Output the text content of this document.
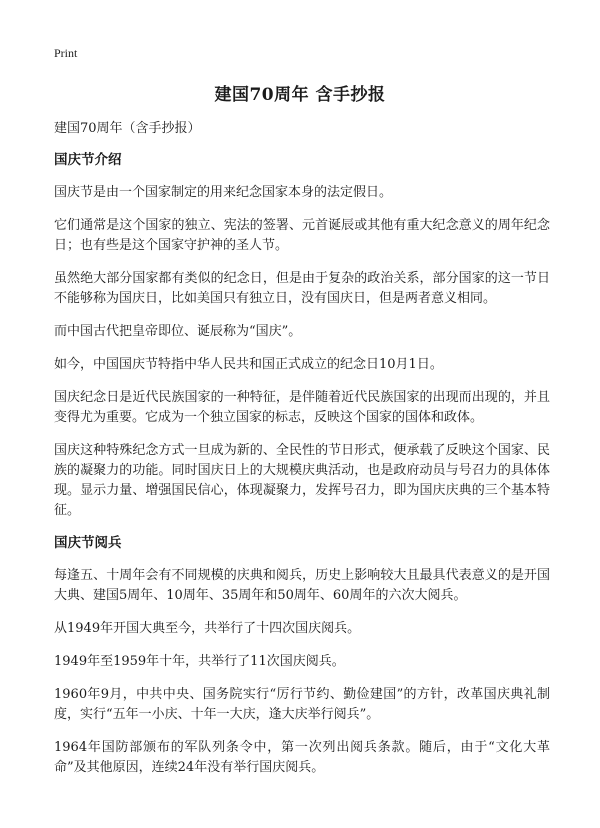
Print
建国70周年 含手抄报

建国70周年（含手抄报）

国庆节介绍

国庆节是由一个国家制定的用来纪念国家本身的法定假日。

它们通常是这个国家的独立、宪法的签署、元首诞辰或其他有重大纪念意义的周年纪念日；也有些是这个国家守护神的圣人节。

虽然绝大部分国家都有类似的纪念日，但是由于复杂的政治关系，部分国家的这一节日不能够称为国庆日，比如美国只有独立日，没有国庆日，但是两者意义相同。

而中国古代把皇帝即位、诞辰称为“国庆”。

如今，中国国庆节特指中华人民共和国正式成立的纪念日10月1日。

国庆纪念日是近代民族国家的一种特征，是伴随着近代民族国家的出现而出现的，并且变得尤为重要。它成为一个独立国家的标志，反映这个国家的国体和政体。

国庆这种特殊纪念方式一旦成为新的、全民性的节日形式，便承载了反映这个国家、民族的凝聚力的功能。同时国庆日上的大规模庆典活动，也是政府动员与号召力的具体体现。显示力量、增强国民信心，体现凝聚力，发挥号召力，即为国庆庆典的三个基本特征。

国庆节阅兵

每逢五、十周年会有不同规模的庆典和阅兵，历史上影响较大且最具代表意义的是开国大典、建国5周年、10周年、35周年和50周年、60周年的六次大阅兵。

从1949年开国大典至今，共举行了十四次国庆阅兵。

1949年至1959年十年，共举行了11次国庆阅兵。

1960年9月，中共中央、国务院实行“厉行节约、勤俭建国”的方针，改革国庆典礼制度，实行“五年一小庆、十年一大庆，逢大庆举行阅兵”。

1964年国防部颁布的军队列条令中，第一次列出阅兵条款。随后，由于“文化大革命”及其他原因，连续24年没有举行国庆阅兵。
